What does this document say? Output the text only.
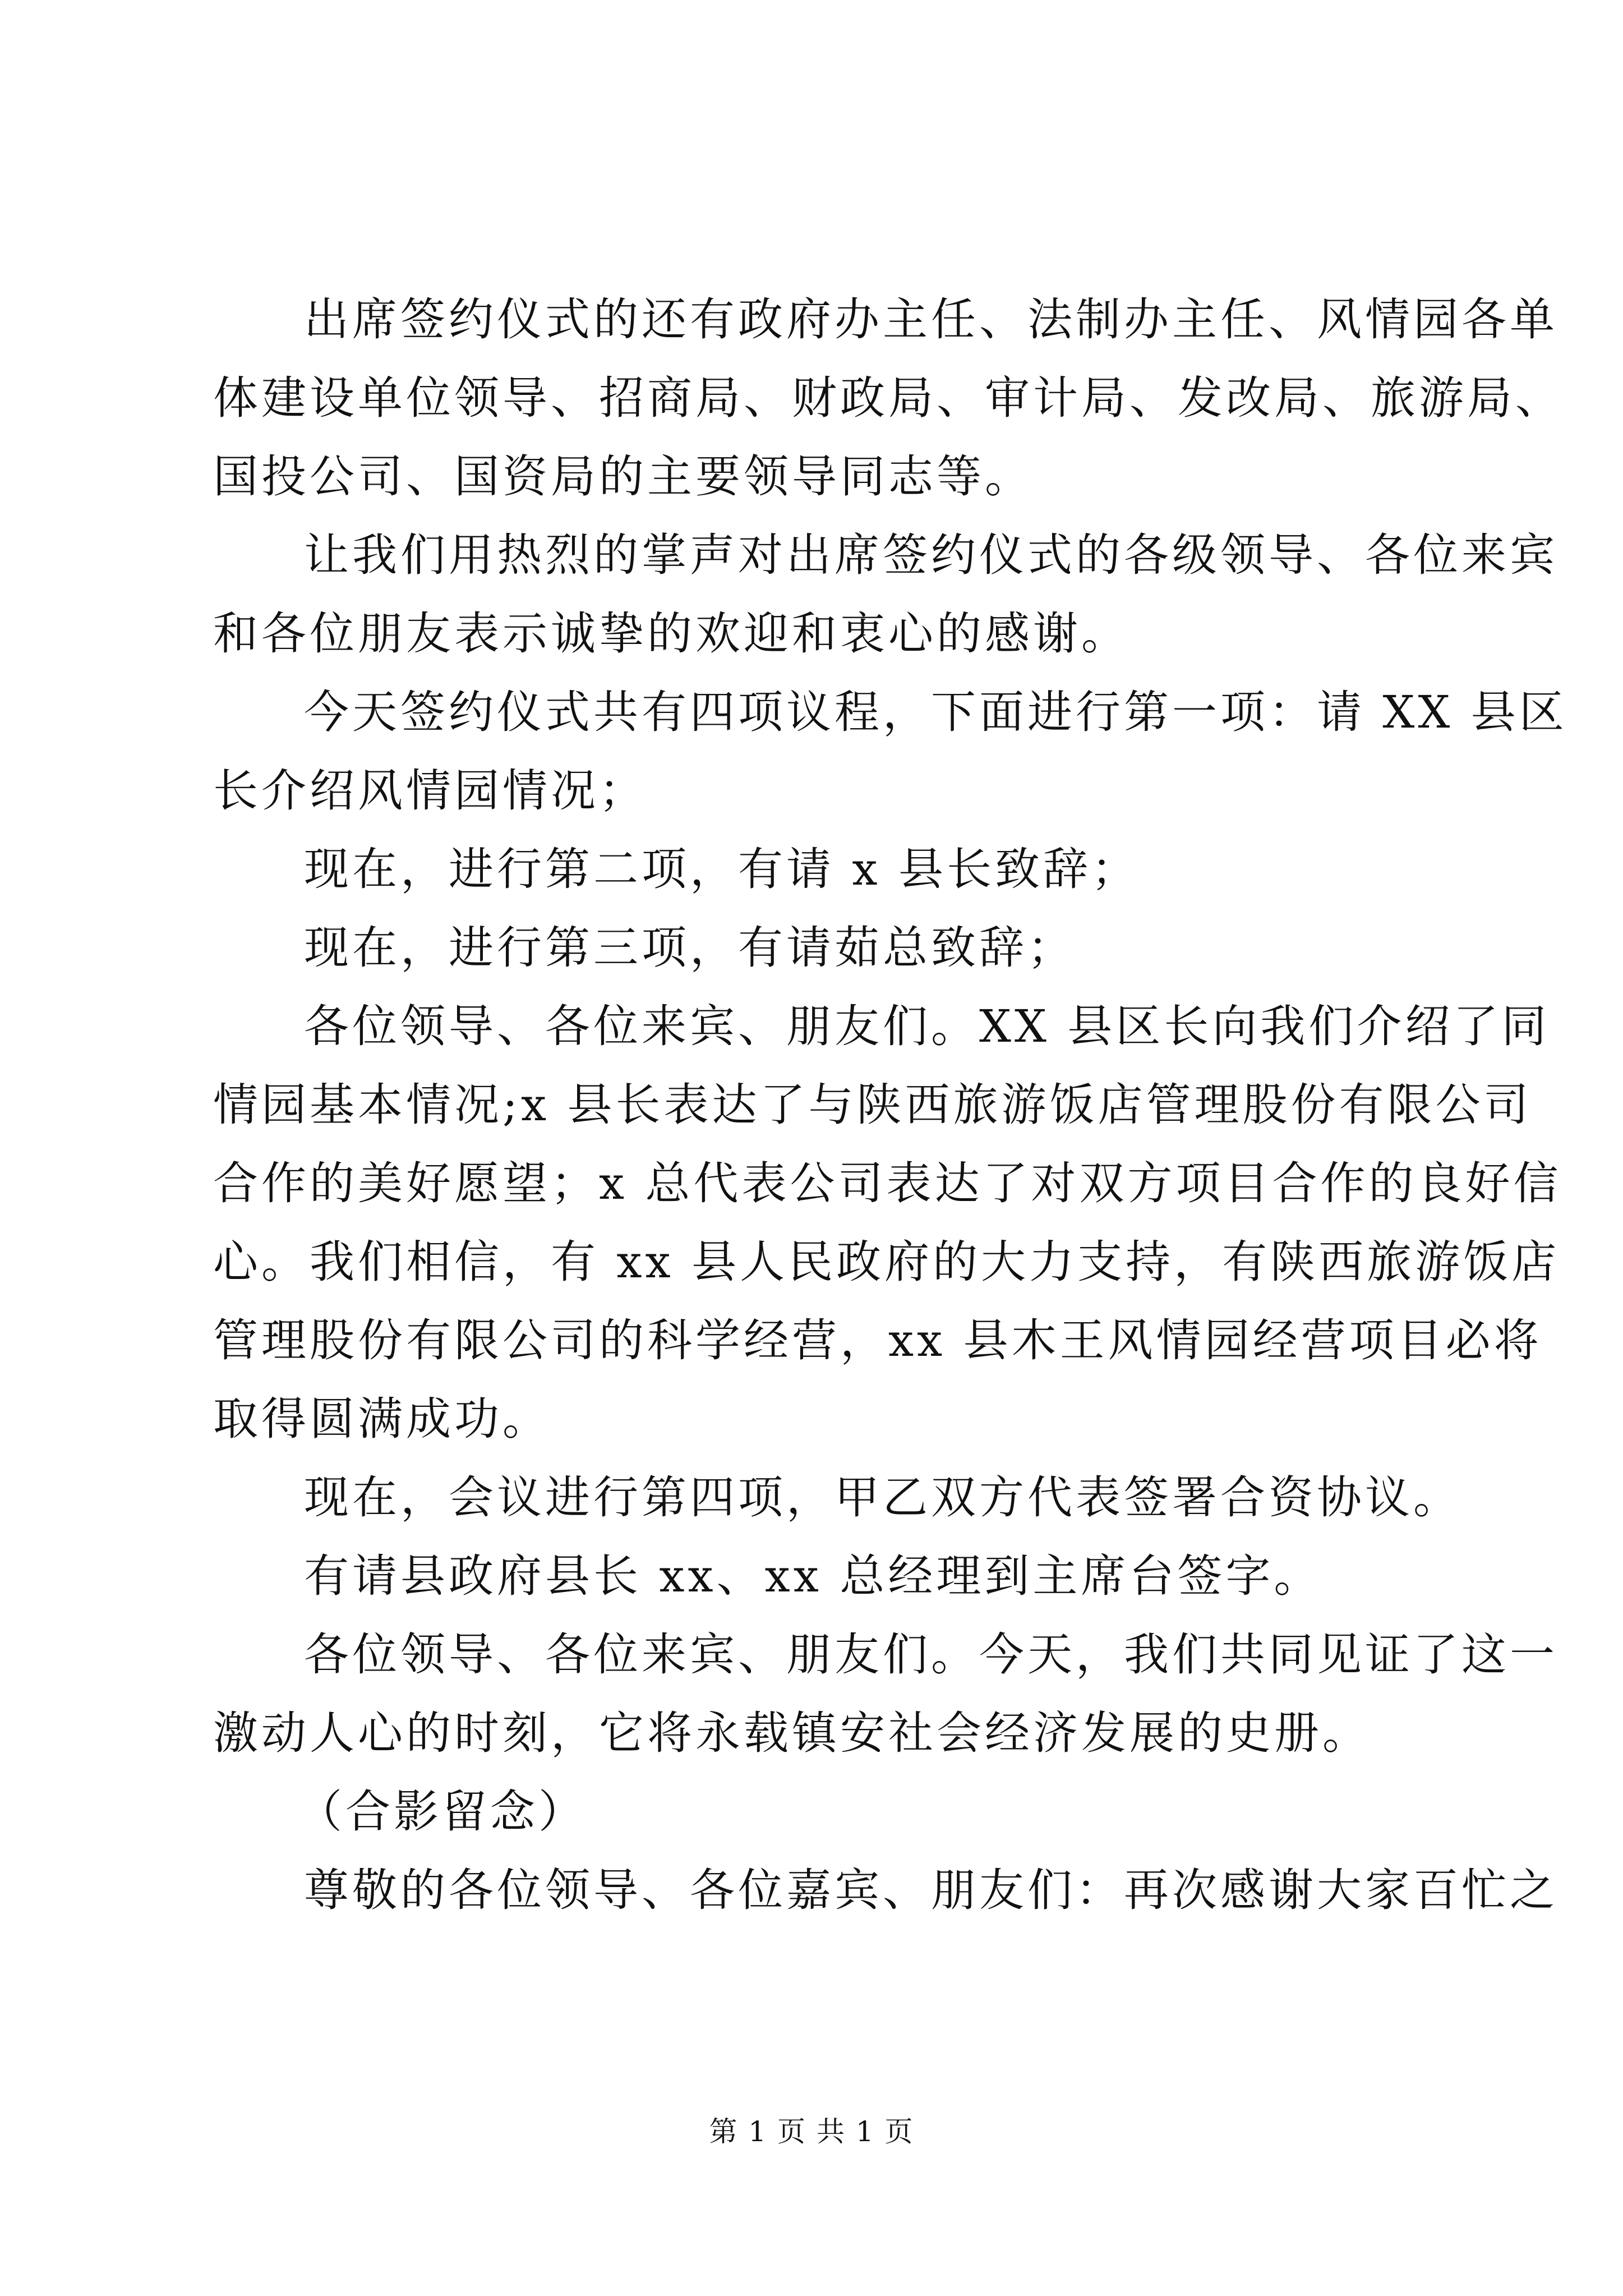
出席签约仪式的还有政府办主任、法制办主任、风情园各单
体建设单位领导、招商局、财政局、审计局、发改局、旅游局、
国投公司、国资局的主要领导同志等。
让我们用热烈的掌声对出席签约仪式的各级领导、各位来宾
和各位朋友表示诚挚的欢迎和衷心的感谢。
今天签约仪式共有四项议程，下面进行第一项：请 XX 县区
长介绍风情园情况；
现在，进行第二项，有请 x 县长致辞；
现在，进行第三项，有请茹总致辞；
各位领导、各位来宾、朋友们。XX 县区长向我们介绍了同
情园基本情况;x 县长表达了与陕西旅游饭店管理股份有限公司
合作的美好愿望；x 总代表公司表达了对双方项目合作的良好信
心。我们相信，有 xx 县人民政府的大力支持，有陕西旅游饭店
管理股份有限公司的科学经营，xx 县木王风情园经营项目必将
取得圆满成功。
现在，会议进行第四项，甲乙双方代表签署合资协议。
有请县政府县长 xx、xx 总经理到主席台签字。
各位领导、各位来宾、朋友们。今天，我们共同见证了这一
激动人心的时刻，它将永载镇安社会经济发展的史册。
（合影留念）
尊敬的各位领导、各位嘉宾、朋友们：再次感谢大家百忙之
第 1 页 共 1 页
